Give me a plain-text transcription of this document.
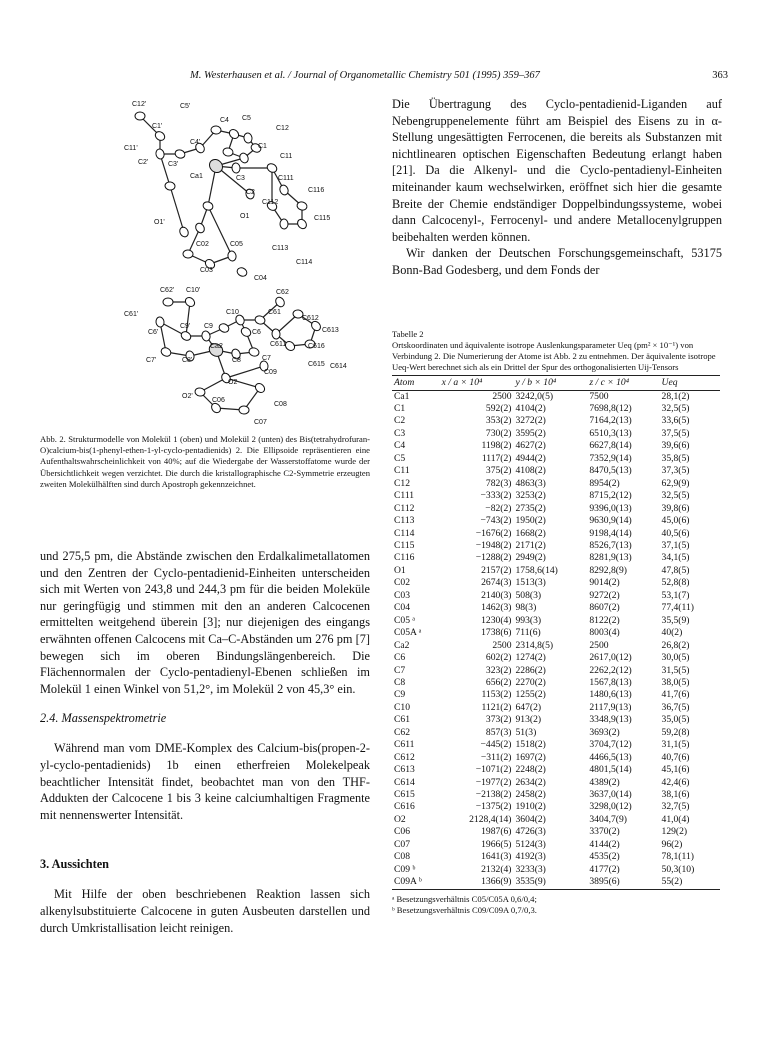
M. Westerhausen et al. / Journal of Organometallic Chemistry 501 (1995) 359–367	363
C12'	C5'
C4 C5
C12
C1'
C4'
C1
C11'
C11
C2'	C3'
Ca1	C3	C111
C2	C116
C112
O1'
O1	C115
C02	C05
C113
C03
C114
C04
C62' C10'	C62
C10	C61
C612
C61'
C9' C9
C6	C613
C6'
C611
Ca2	C616
C7'	C8'	C8	C7
C615 C614
C09
O2
O2'
C06
C08
C07

Abb. 2. Strukturmodelle von Molekül 1 (oben) und Molekül 2 (unten) des Bis(tetrahydrofuran-O)calcium-bis(1-phenyl-ethen-1-yl-cyclo-pentadienids) 2. Die Ellipsoide repräsentieren eine Aufenthaltswahrscheinlichkeit von 40%; auf die Wiedergabe der Wasserstoffatome wurde der Übersichtlichkeit wegen verzichtet. Die durch die kristallographische C2-Symmetrie erzeugten zweiten Molekülhälften sind durch Apostroph gekennzeichnet.

und 275,5 pm, die Abstände zwischen den Erdalkalimetallatomen und den Zentren der Cyclo-pentadienid-Einheiten unterscheiden sich mit Werten von 243,8 und 244,3 pm für die beiden Moleküle nur geringfügig und stimmen mit den an anderen Calcocenen ermittelten weitgehend überein [3]; nur diejenigen des eingangs erwähnten offenen Calcocens mit Ca–C-Abständen um 276 pm [7] bewegen sich im oberen Bindungslängenbereich. Die Flächennormalen der Cyclo-pentadienyl-Ebenen schließen im Molekül 1 einen Winkel von 51,2°, im Molekül 2 von 45,3° ein.

2.4. Massenspektrometrie

Während man vom DME-Komplex des Calcium-bis(propen-2-yl-cyclo-pentadienids) 1b einen etherfreien Molekelpeak beachtlicher Intensität findet, beobachtet man von den THF-Addukten der Calcocene 1 bis 3 keine calciumhaltigen Fragmente mit nennenswerter Intensität.

3. Aussichten

Mit Hilfe der oben beschriebenen Reaktion lassen sich alkenylsubstituierte Calcocene in guten Ausbeuten darstellen und durch Umkristallisation leicht reinigen.

Die Übertragung des Cyclo-pentadienid-Liganden auf Nebengruppenelemente führt am Beispiel des Eisens zu in α-Stellung ungesättigten Ferrocenen, die bereits als Substanzen mit nichtlinearen optischen Eigenschaften Bedeutung erlangt haben [21]. Da die Alkenyl- und die Cyclo-pentadienyl-Einheiten miteinander kaum wechselwirken, eröffnet sich hier die gesamte Breite der Chemie endständiger Doppelbindungssysteme, wobei dann Calcocenyl-, Ferrocenyl- und andere Metallocenylgruppen beibehalten werden können.

Wir danken der Deutschen Forschungsgemeinschaft, 53175 Bonn-Bad Godesberg, und dem Fonds der

Tabelle 2

Ortskoordinaten und äquivalente isotrope Auslenkungsparameter Ueq (pm² × 10⁻¹) von Verbindung 2. Die Numerierung der Atome ist Abb. 2 zu entnehmen. Der äquivalente isotrope Ueq-Wert berechnet sich als ein Drittel der Spur des orthogonalisierten Uij-Tensors

Atom	x / a × 10⁴	y / b × 10⁴	z / c × 10⁴	Ueq
Ca1	2500	3242,0(5)	7500	28,1(2)
C1	592(2)	4104(2)	7698,8(12)	32,5(5)
C2	353(2)	3272(2)	7164,2(13)	33,6(5)
C3	730(2)	3595(2)	6510,3(13)	37,5(5)
C4	1198(2)	4627(2)	6627,8(14)	39,6(6)
C5	1117(2)	4944(2)	7352,9(14)	35,8(5)
C11	375(2)	4108(2)	8470,5(13)	37,3(5)
C12	782(3)	4863(3)	8954(2)	62,9(9)
C111	−333(2)	3253(2)	8715,2(12)	32,5(5)
C112	−82(2)	2735(2)	9396,0(13)	39,8(6)
C113	−743(2)	1950(2)	9630,9(14)	45,0(6)
C114	−1676(2)	1668(2)	9198,4(14)	40,5(6)
C115	−1948(2)	2171(2)	8526,7(13)	37,1(5)
C116	−1288(2)	2949(2)	8281,9(13)	34,1(5)
O1	2157(2)	1758,6(14)	8292,8(9)	47,8(5)
C02	2674(3)	1513(3)	9014(2)	52,8(8)
C03	2140(3)	508(3)	9272(2)	53,1(7)
C04	1462(3)	98(3)	8607(2)	77,4(11)
C05 ᵃ	1230(4)	993(3)	8122(2)	35,5(9)
C05A ᵃ	1738(6)	711(6)	8003(4)	40(2)
Ca2	2500	2314,8(5)	2500	26,8(2)
C6	602(2)	1274(2)	2617,0(12)	30,0(5)
C7	323(2)	2286(2)	2262,2(12)	31,5(5)
C8	656(2)	2270(2)	1567,8(13)	38,0(5)
C9	1153(2)	1255(2)	1480,6(13)	41,7(6)
C10	1121(2)	647(2)	2117,9(13)	36,7(5)
C61	373(2)	913(2)	3348,9(13)	35,0(5)
C62	857(3)	51(3)	3693(2)	59,2(8)
C611	−445(2)	1518(2)	3704,7(12)	31,1(5)
C612	−311(2)	1697(2)	4466,5(13)	40,7(6)
C613	−1071(2)	2248(2)	4801,5(14)	45,1(6)
C614	−1977(2)	2634(2)	4389(2)	42,4(6)
C615	−2138(2)	2458(2)	3637,0(14)	38,1(6)
C616	−1375(2)	1910(2)	3298,0(12)	32,7(5)
O2	2128,4(14)	3604(2)	3404,7(9)	41,0(4)
C06	1987(6)	4726(3)	3370(2)	129(2)
C07	1966(5)	5124(3)	4144(2)	96(2)
C08	1641(3)	4192(3)	4535(2)	78,1(11)
C09 ᵇ	2132(4)	3233(3)	4177(2)	50,3(10)
C09A ᵇ	1366(9)	3535(9)	3895(6)	55(2)

ᵃ Besetzungsverhältnis C05/C05A 0,6/0,4;

ᵇ Besetzungsverhältnis C09/C09A 0,7/0,3.
